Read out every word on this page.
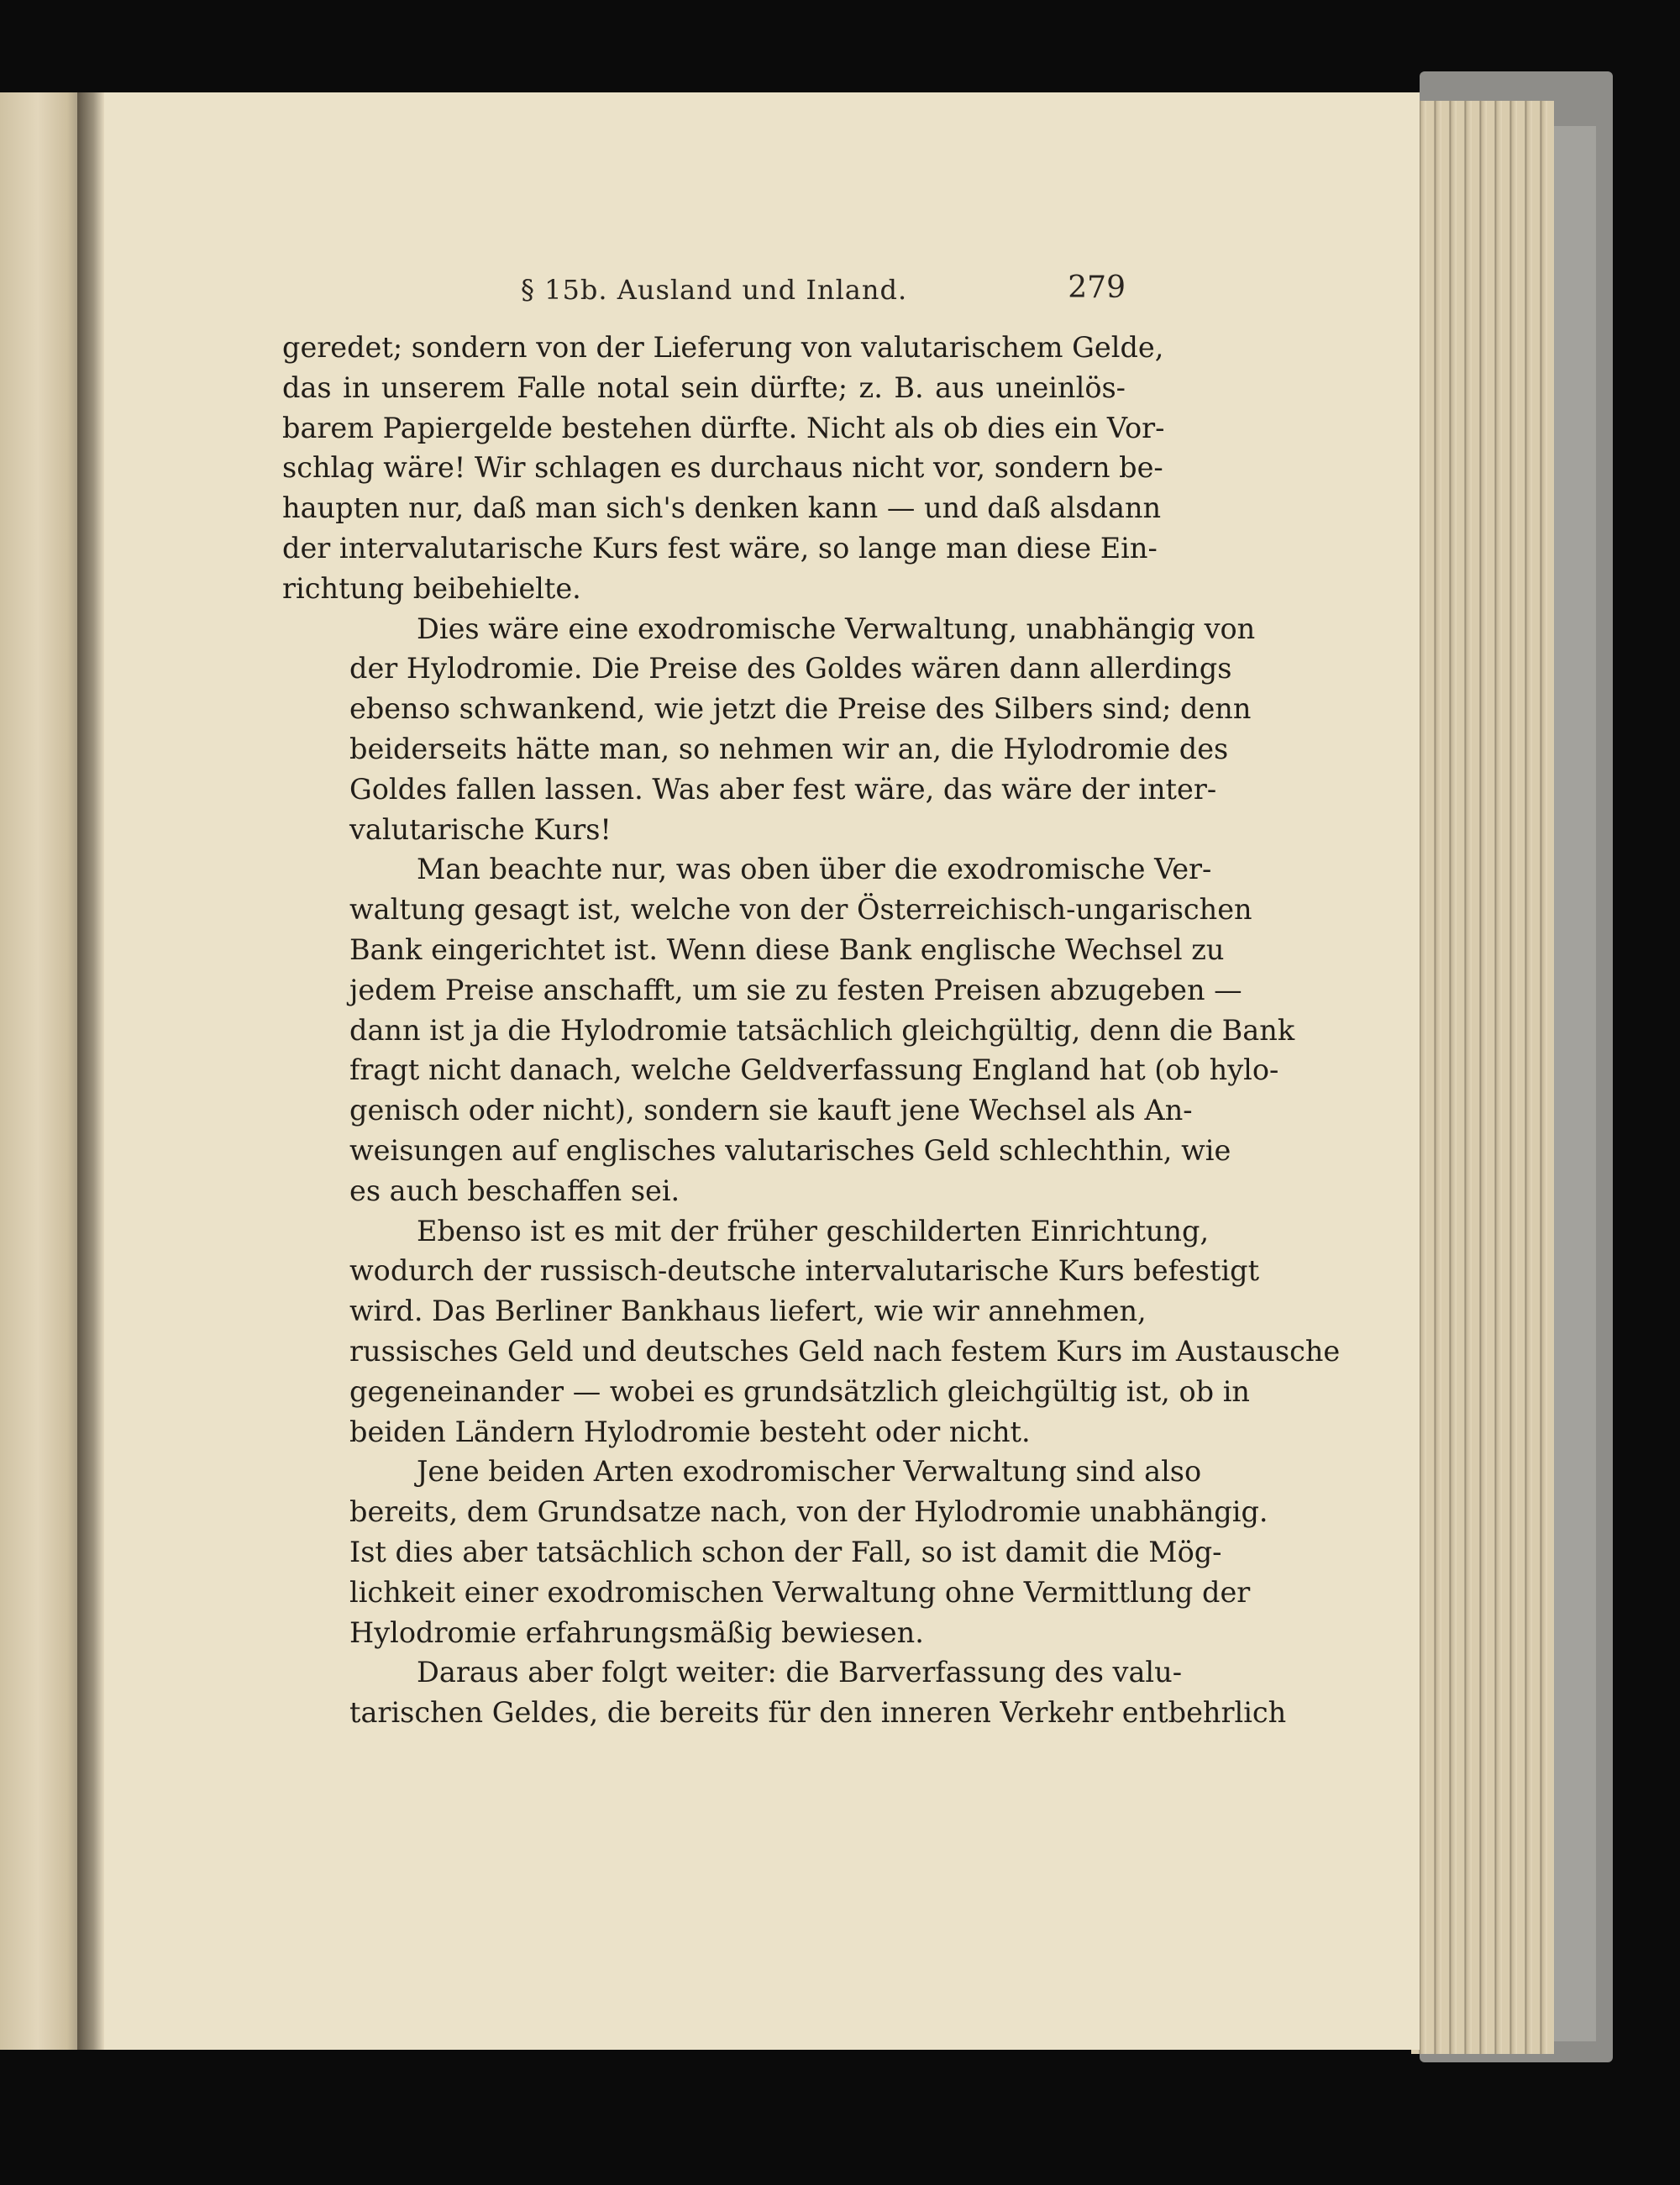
§ 15b. Ausland und Inland.	279
geredet; sondern von der Lieferung von valutarischem Gelde,
das in unserem Falle notal sein dürfte; z. B. aus uneinlös-
barem Papiergelde bestehen dürfte. Nicht als ob dies ein Vor-
schlag wäre! Wir schlagen es durchaus nicht vor, sondern be-
haupten nur, daß man sich's denken kann — und daß alsdann
der intervalutarische Kurs fest wäre, so lange man diese Ein-
richtung beibehielte.
Dies wäre eine exodromische Verwaltung, unabhängig von
der Hylodromie. Die Preise des Goldes wären dann allerdings
ebenso schwankend, wie jetzt die Preise des Silbers sind; denn
beiderseits hätte man, so nehmen wir an, die Hylodromie des
Goldes fallen lassen. Was aber fest wäre, das wäre der inter-
valutarische Kurs!
Man beachte nur, was oben über die exodromische Ver-
waltung gesagt ist, welche von der Österreichisch-ungarischen
Bank eingerichtet ist. Wenn diese Bank englische Wechsel zu
jedem Preise anschafft, um sie zu festen Preisen abzugeben —
dann ist ja die Hylodromie tatsächlich gleichgültig, denn die Bank
fragt nicht danach, welche Geldverfassung England hat (ob hylo-
genisch oder nicht), sondern sie kauft jene Wechsel als An-
weisungen auf englisches valutarisches Geld schlechthin, wie
es auch beschaffen sei.
Ebenso ist es mit der früher geschilderten Einrichtung,
wodurch der russisch-deutsche intervalutarische Kurs befestigt
wird. Das Berliner Bankhaus liefert, wie wir annehmen,
russisches Geld und deutsches Geld nach festem Kurs im Austausche
gegeneinander — wobei es grundsätzlich gleichgültig ist, ob in
beiden Ländern Hylodromie besteht oder nicht.
Jene beiden Arten exodromischer Verwaltung sind also
bereits, dem Grundsatze nach, von der Hylodromie unabhängig.
Ist dies aber tatsächlich schon der Fall, so ist damit die Mög-
lichkeit einer exodromischen Verwaltung ohne Vermittlung der
Hylodromie erfahrungsmäßig bewiesen.
Daraus aber folgt weiter: die Barverfassung des valu-
tarischen Geldes, die bereits für den inneren Verkehr entbehrlich
